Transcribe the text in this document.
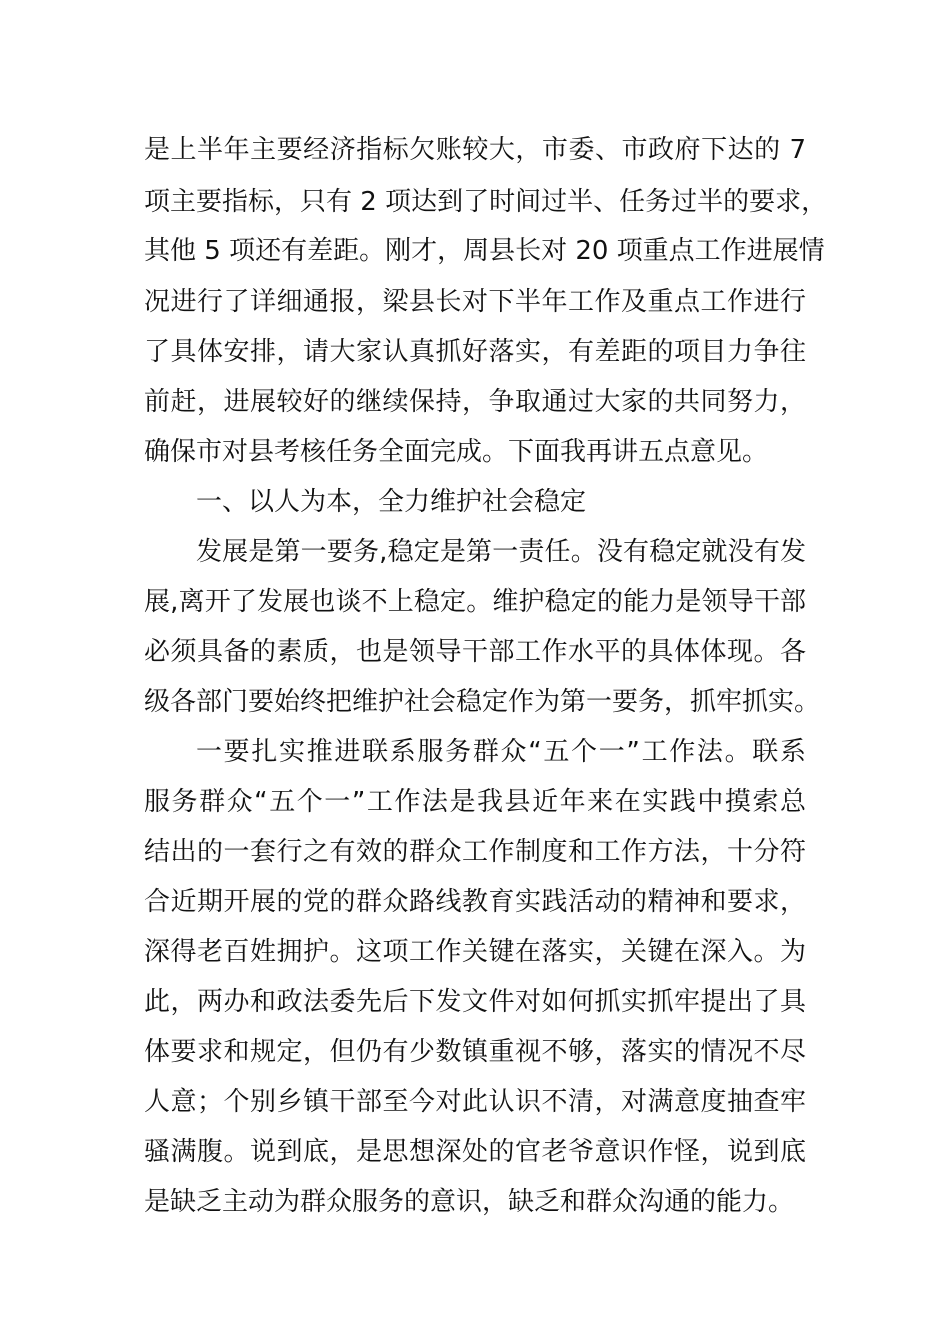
是上半年主要经济指标欠账较大，市委、市政府下达的 7
项主要指标，只有 2 项达到了时间过半、任务过半的要求，
其他 5 项还有差距。刚才，周县长对 20 项重点工作进展情
况进行了详细通报，梁县长对下半年工作及重点工作进行
了具体安排，请大家认真抓好落实，有差距的项目力争往
前赶，进展较好的继续保持，争取通过大家的共同努力，
确保市对县考核任务全面完成。下面我再讲五点意见。
一、以人为本，全力维护社会稳定
发展是第一要务,稳定是第一责任。没有稳定就没有发
展,离开了发展也谈不上稳定。维护稳定的能力是领导干部
必须具备的素质，也是领导干部工作水平的具体体现。各
级各部门要始终把维护社会稳定作为第一要务，抓牢抓实。
一要扎实推进联系服务群众“五个一”工作法。联系
服务群众“五个一”工作法是我县近年来在实践中摸索总
结出的一套行之有效的群众工作制度和工作方法，十分符
合近期开展的党的群众路线教育实践活动的精神和要求，
深得老百姓拥护。这项工作关键在落实，关键在深入。为
此，两办和政法委先后下发文件对如何抓实抓牢提出了具
体要求和规定，但仍有少数镇重视不够，落实的情况不尽
人意；个别乡镇干部至今对此认识不清，对满意度抽查牢
骚满腹。说到底，是思想深处的官老爷意识作怪，说到底
是缺乏主动为群众服务的意识，缺乏和群众沟通的能力。
